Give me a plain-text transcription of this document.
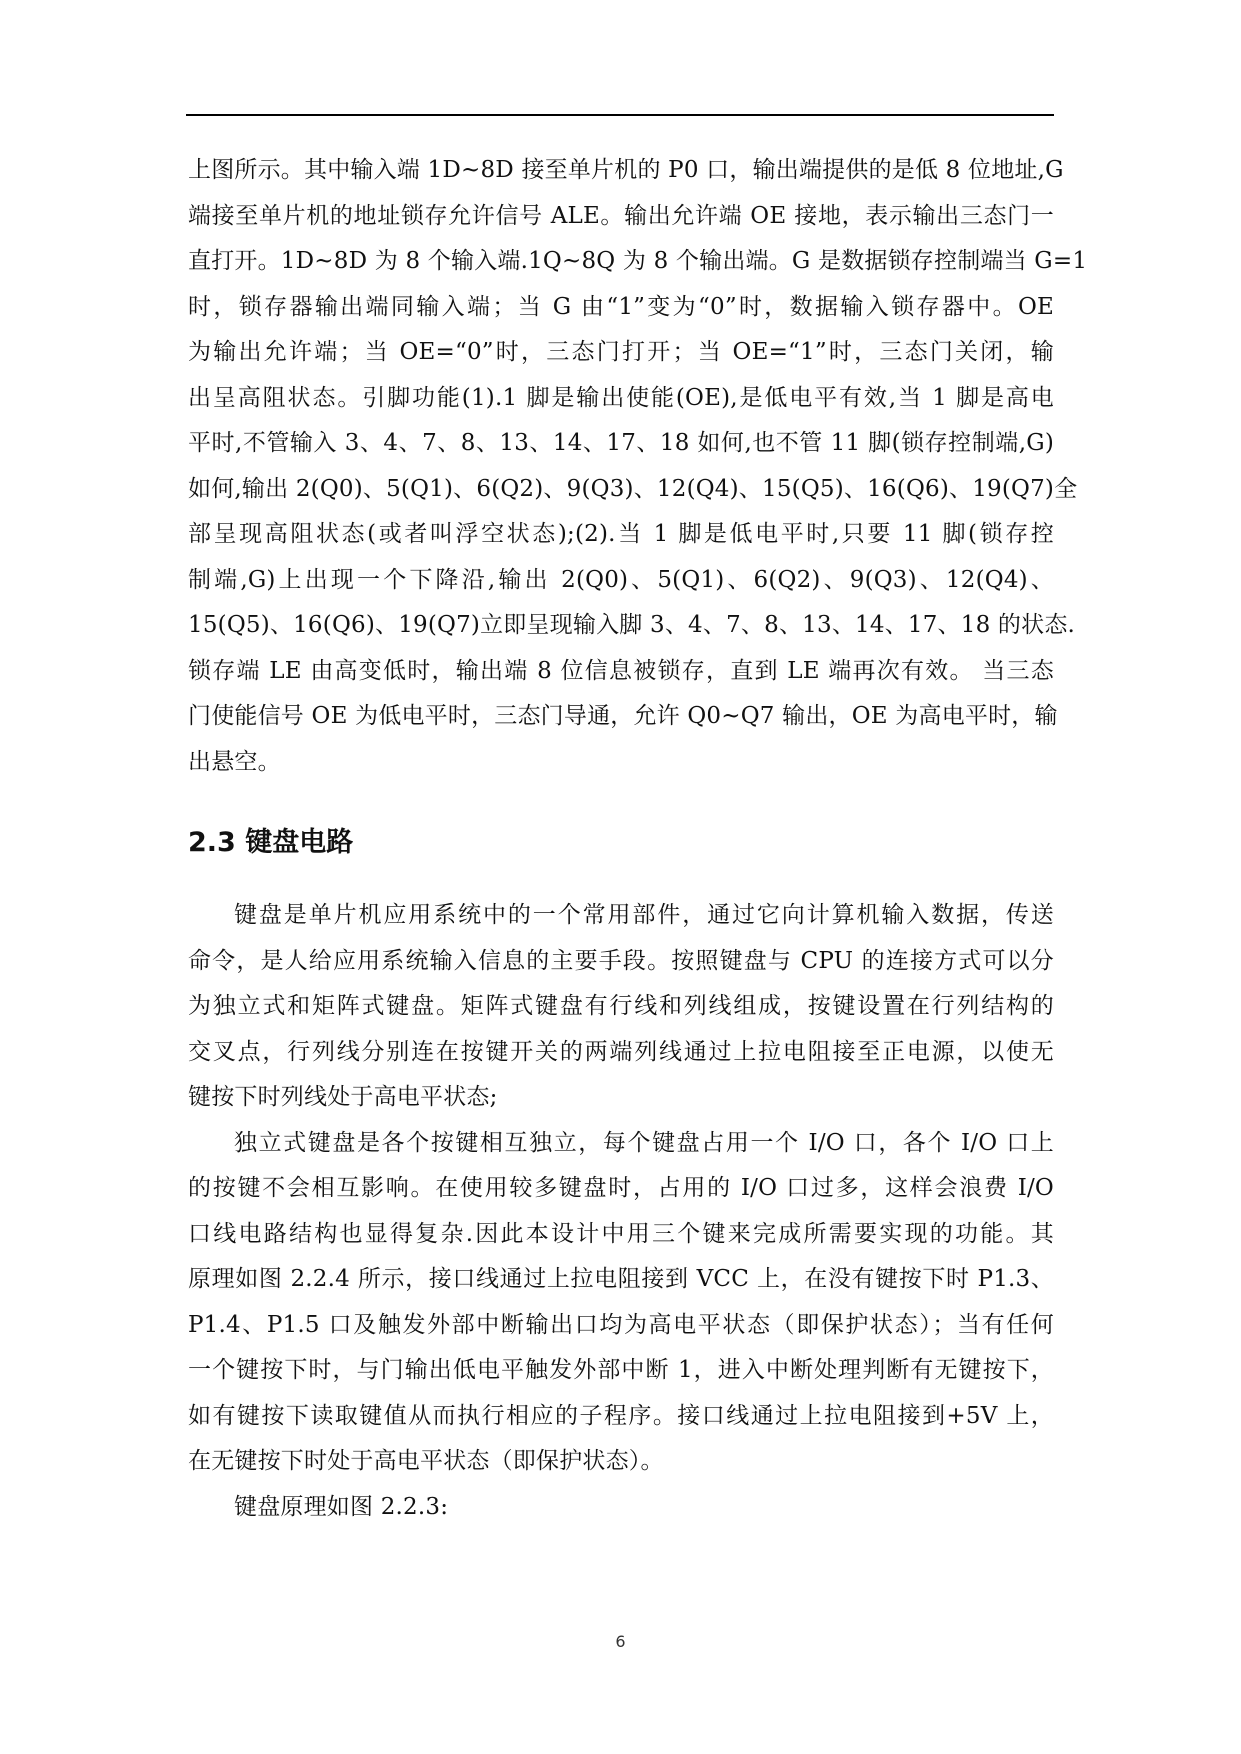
上图所示。其中输入端 1D~8D 接至单片机的 P0 口，输出端提供的是低 8 位地址,G
端接至单片机的地址锁存允许信号 ALE。输出允许端 OE 接地，表示输出三态门一
直打开。1D~8D 为 8 个输入端.1Q~8Q 为 8 个输出端。G 是数据锁存控制端当 G=1
时，锁存器输出端同输入端；当 G 由“1”变为“0”时，数据输入锁存器中。OE
为输出允许端；当 OE=“0”时，三态门打开；当 OE=“1”时，三态门关闭，输
出呈高阻状态。引脚功能(1).1 脚是输出使能(OE),是低电平有效,当 1 脚是高电
平时,不管输入 3、4、7、8、13、14、17、18 如何,也不管 11 脚(锁存控制端,G)
如何,输出 2(Q0)、5(Q1)、6(Q2)、9(Q3)、12(Q4)、15(Q5)、16(Q6)、19(Q7)全
部呈现高阻状态(或者叫浮空状态);(2).当 1 脚是低电平时,只要 11 脚(锁存控
制端,G)上出现一个下降沿,输出 2(Q0)、5(Q1)、6(Q2)、9(Q3)、12(Q4)、
15(Q5)、16(Q6)、19(Q7)立即呈现输入脚 3、4、7、8、13、14、17、18 的状态.
锁存端 LE 由高变低时，输出端 8 位信息被锁存，直到 LE 端再次有效。 当三态
门使能信号 OE 为低电平时，三态门导通，允许 Q0~Q7 输出，OE 为高电平时，输
出悬空。
2.3 键盘电路
键盘是单片机应用系统中的一个常用部件，通过它向计算机输入数据，传送
命令，是人给应用系统输入信息的主要手段。按照键盘与 CPU 的连接方式可以分
为独立式和矩阵式键盘。矩阵式键盘有行线和列线组成，按键设置在行列结构的
交叉点，行列线分别连在按键开关的两端列线通过上拉电阻接至正电源，以使无
键按下时列线处于高电平状态;
独立式键盘是各个按键相互独立，每个键盘占用一个 I/O 口，各个 I/O 口上
的按键不会相互影响。在使用较多键盘时，占用的 I/O 口过多，这样会浪费 I/O
口线电路结构也显得复杂.因此本设计中用三个键来完成所需要实现的功能。其
原理如图 2.2.4 所示，接口线通过上拉电阻接到 VCC 上，在没有键按下时 P1.3、
P1.4、P1.5 口及触发外部中断输出口均为高电平状态（即保护状态）；当有任何
一个键按下时，与门输出低电平触发外部中断 1，进入中断处理判断有无键按下，
如有键按下读取键值从而执行相应的子程序。接口线通过上拉电阻接到+5V 上，
在无键按下时处于高电平状态（即保护状态）。
键盘原理如图 2.2.3:
6
